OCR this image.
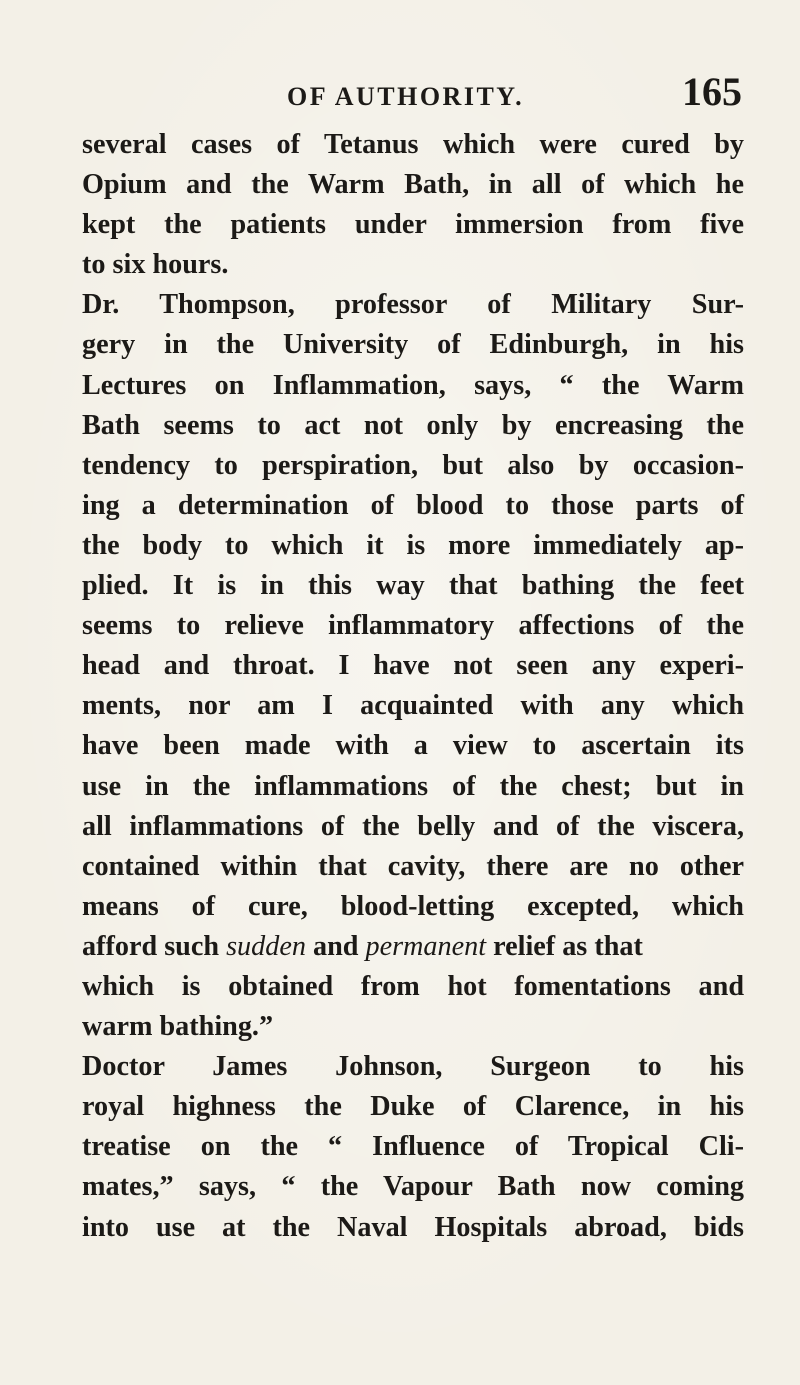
OF AUTHORITY.	165
several cases of Tetanus which were cured by
Opium and the Warm Bath, in all of which he
kept the patients under immersion from five
to six hours.
Dr. Thompson, professor of Military Sur-
gery in the University of Edinburgh, in his
Lectures on Inflammation, says, “ the Warm
Bath seems to act not only by encreasing the
tendency to perspiration, but also by occasion-
ing a determination of blood to those parts of
the body to which it is more immediately ap-
plied. It is in this way that bathing the feet
seems to relieve inflammatory affections of the
head and throat. I have not seen any experi-
ments, nor am I acquainted with any which
have been made with a view to ascertain its
use in the inflammations of the chest; but in
all inflammations of the belly and of the viscera,
contained within that cavity, there are no other
means of cure, blood-letting excepted, which
afford such sudden and permanent relief as that
which is obtained from hot fomentations and
warm bathing.”
Doctor James Johnson, Surgeon to his
royal highness the Duke of Clarence, in his
treatise on the “ Influence of Tropical Cli-
mates,” says, “ the Vapour Bath now coming
into use at the Naval Hospitals abroad, bids
